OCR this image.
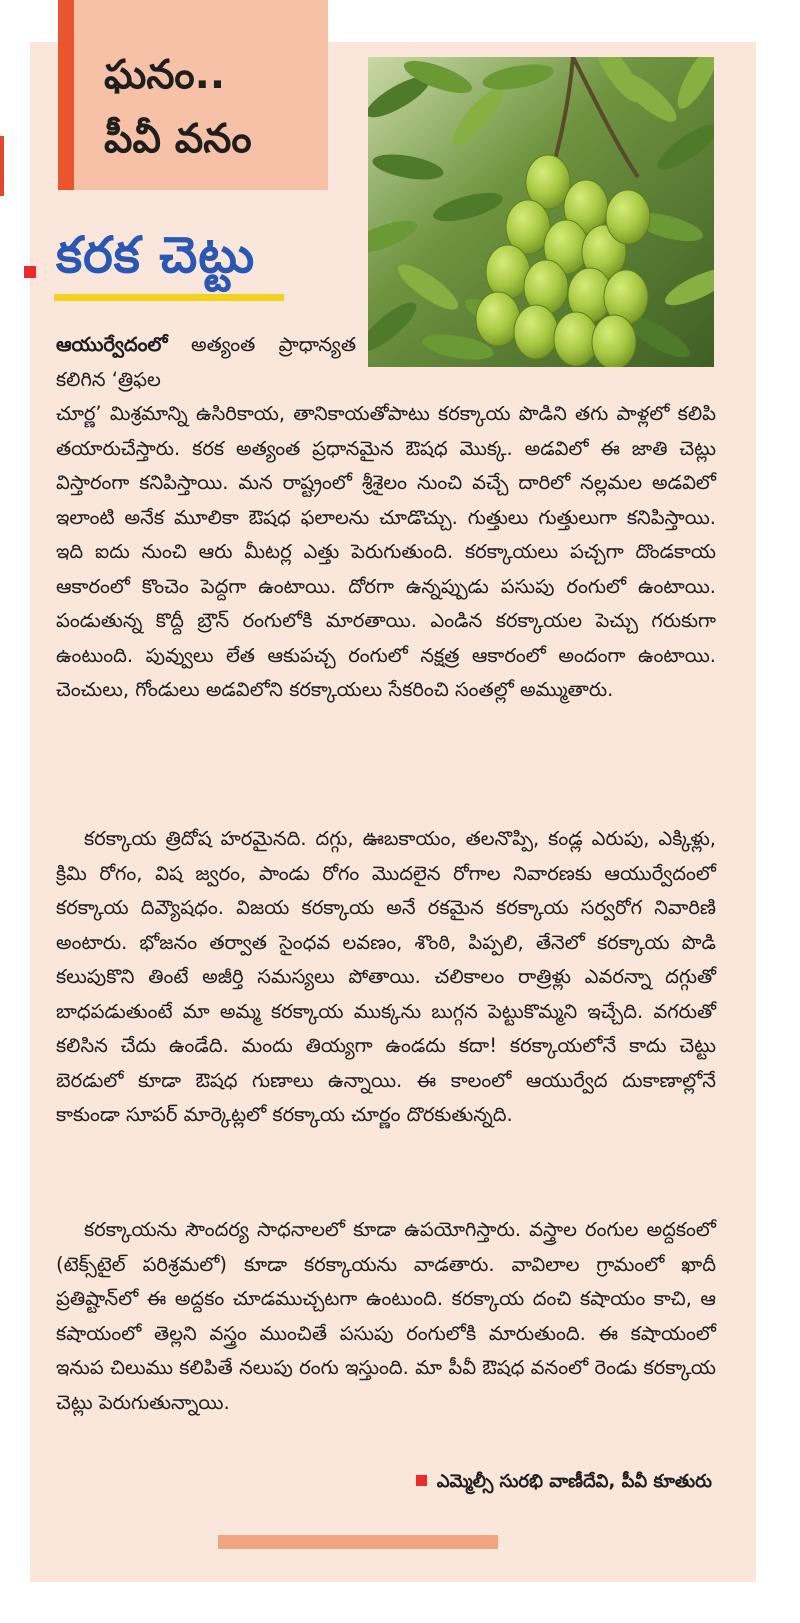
ఘనం..
పీవీ వనం
కరక చెట్టు

ఆయుర్వేదంలో అత్యంత ప్రాధాన్యత కలిగిన ‘త్రిఫల

చూర్ణ’ మిశ్రమాన్ని ఉసిరికాయ, తానికాయతోపాటు కరక్కాయ పొడిని తగు పాళ్లలో కలిపి తయారుచేస్తారు. కరక అత్యంత ప్రధానమైన ఔషధ మొక్క. అడవిలో ఈ జాతి చెట్లు విస్తారంగా కనిపిస్తాయి. మన రాష్ట్రంలో శ్రీశైలం నుంచి వచ్చే దారిలో నల్లమల అడవిలో ఇలాంటి అనేక మూలికా ఔషధ ఫలాలను చూడొచ్చు. గుత్తులు గుత్తులుగా కనిపిస్తాయి. ఇది ఐదు నుంచి ఆరు మీటర్ల ఎత్తు పెరుగుతుంది. కరక్కాయలు పచ్చగా దొండకాయ ఆకారంలో కొంచెం పెద్దగా ఉంటాయి. దోరగా ఉన్నప్పుడు పసుపు రంగులో ఉంటాయి. పండుతున్న కొద్దీ బ్రౌన్ రంగులోకి మారతాయి. ఎండిన కరక్కాయల పెచ్చు గరుకుగా ఉంటుంది. పువ్వులు లేత ఆకుపచ్చ రంగులో నక్షత్ర ఆకారంలో అందంగా ఉంటాయి. చెంచులు, గోండులు అడవిలోని కరక్కాయలు సేకరించి సంతల్లో అమ్ముతారు.

కరక్కాయ త్రిదోష హరమైనది. దగ్గు, ఊబకాయం, తలనొప్పి, కండ్ల ఎరుపు, ఎక్కిళ్లు, క్రిమి రోగం, విష జ్వరం, పాండు రోగం మొదలైన రోగాల నివారణకు ఆయుర్వేదంలో కరక్కాయ దివ్యౌషధం. విజయ కరక్కాయ అనే రకమైన కరక్కాయ సర్వరోగ నివారిణి అంటారు. భోజనం తర్వాత సైంధవ లవణం, శొంఠి, పిప్పలి, తేనెలో కరక్కాయ పొడి కలుపుకొని తింటే అజీర్తి సమస్యలు పోతాయి. చలికాలం రాత్రిళ్లు ఎవరన్నా దగ్గుతో బాధపడుతుంటే మా అమ్మ కరక్కాయ ముక్కను బుగ్గన పెట్టుకొమ్మని ఇచ్చేది. వగరుతో కలిసిన చేదు ఉండేది. మందు తియ్యగా ఉండదు కదా! కరక్కాయలోనే కాదు చెట్టు బెరడులో కూడా ఔషధ గుణాలు ఉన్నాయి. ఈ కాలంలో ఆయుర్వేద దుకాణాల్లోనే కాకుండా సూపర్ మార్కెట్లలో కరక్కాయ చూర్ణం దొరకుతున్నది.

కరక్కాయను సౌందర్య సాధనాలలో కూడా ఉపయోగిస్తారు. వస్త్రాల రంగుల అద్దకంలో (టెక్స్‌టైల్ పరిశ్రమలో) కూడా కరక్కాయను వాడతారు. వావిలాల గ్రామంలో ఖాదీ ప్రతిష్టాన్‌లో ఈ అద్దకం చూడముచ్చటగా ఉంటుంది. కరక్కాయ దంచి కషాయం కాచి, ఆ కషాయంలో తెల్లని వస్త్రం ముంచితే పసుపు రంగులోకి మారుతుంది. ఈ కషాయంలో ఇనుప చిలుము కలిపితే నలుపు రంగు ఇస్తుంది. మా పీవీ ఔషధ వనంలో రెండు కరక్కాయ చెట్లు పెరుగుతున్నాయి.

ఎమ్మెల్సీ సురభి వాణీదేవి, పీవీ కూతురు
